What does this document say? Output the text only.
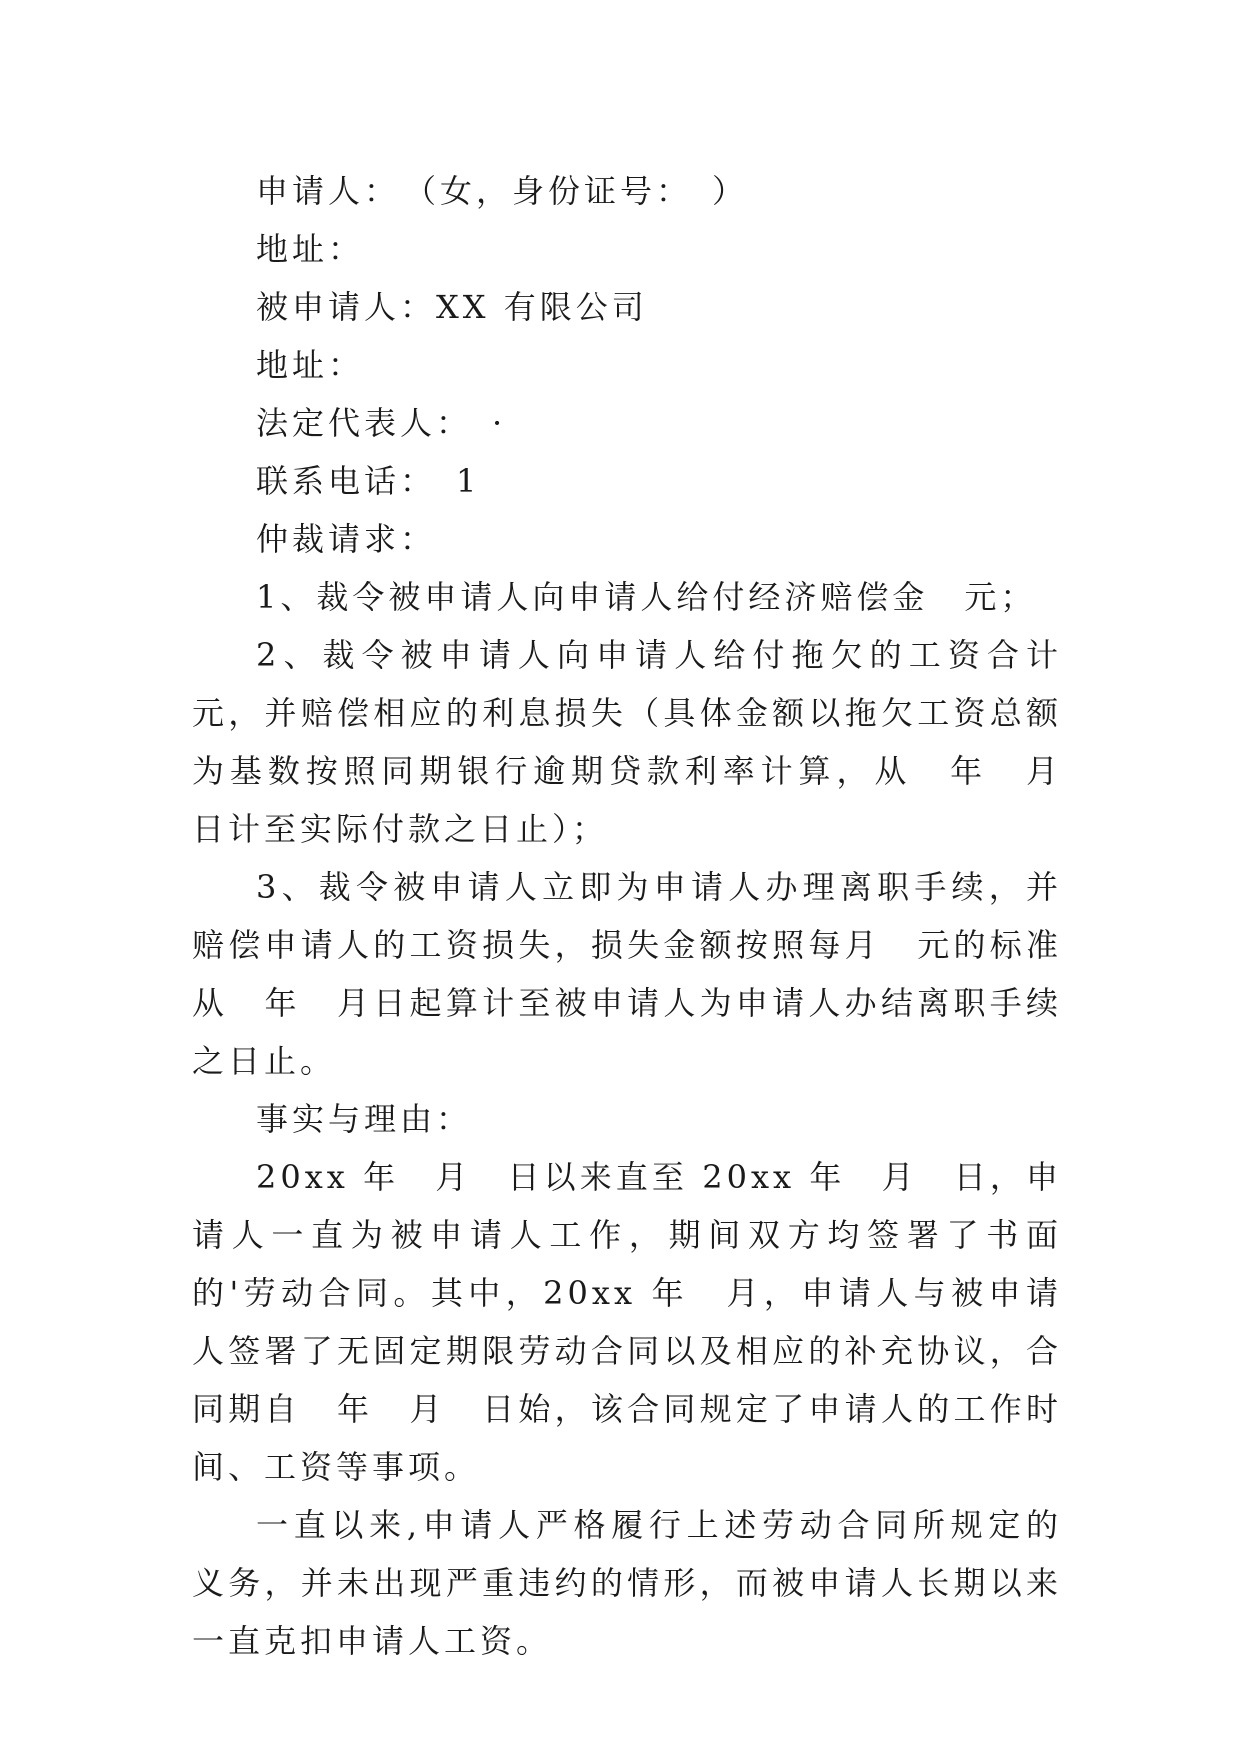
申请人：　（女，身份证号：　）

地址：

被申请人：XX 有限公司

地址：

法定代表人：　·

联系电话：　1

仲裁请求：

1、裁令被申请人向申请人给付经济赔偿金　元；

2、裁令被申请人向申请人给付拖欠的工资合计　元，并赔偿相应的利息损失（具体金额以拖欠工资总额为基数按照同期银行逾期贷款利率计算，从　年　月　日计至实际付款之日止）；

3、裁令被申请人立即为申请人办理离职手续，并赔偿申请人的工资损失，损失金额按照每月　元的标准从　年　月日起算计至被申请人为申请人办结离职手续之日止。

事实与理由：

20xx 年　月　日以来直至 20xx 年　月　日，申请人一直为被申请人工作，期间双方均签署了书面的'劳动合同。其中，20xx 年　月，申请人与被申请人签署了无固定期限劳动合同以及相应的补充协议，合同期自　年　月　日始，该合同规定了申请人的工作时间、工资等事项。

一直以来,申请人严格履行上述劳动合同所规定的义务，并未出现严重违约的情形，而被申请人长期以来一直克扣申请人工资。
